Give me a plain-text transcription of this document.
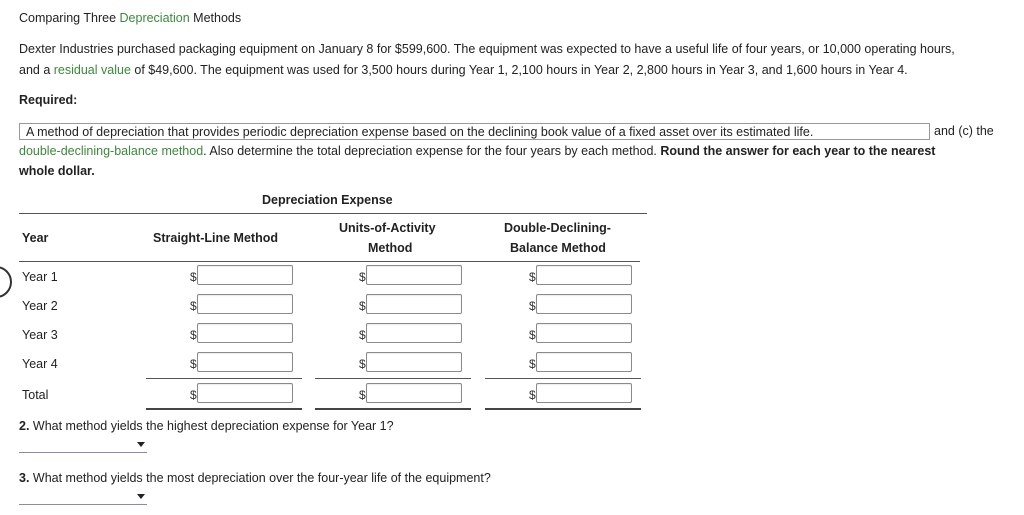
Comparing Three Depreciation Methods
Dexter Industries purchased packaging equipment on January 8 for $599,600. The equipment was expected to have a useful life of four years, or 10,000 operating hours,
and a residual value of $49,600. The equipment was used for 3,500 hours during Year 1, 2,100 hours in Year 2, 2,800 hours in Year 3, and 1,600 hours in Year 4.
Required:
A method of depreciation that provides periodic depreciation expense based on the declining book value of a fixed asset over its estimated life.	and (c) the
double-declining-balance method. Also determine the total depreciation expense for the four years by each method. Round the answer for each year to the nearest
whole dollar.
Depreciation Expense
Year	Straight-Line Method
Units-of-Activity
Method
Double-Declining-
Balance Method
Year 1
Year 2
Year 3
Year 4
Total
$
$
$
$
$
$
$
$
$
$
$
$
$
$
$
2. What method yields the highest depreciation expense for Year 1?
3. What method yields the most depreciation over the four-year life of the equipment?
